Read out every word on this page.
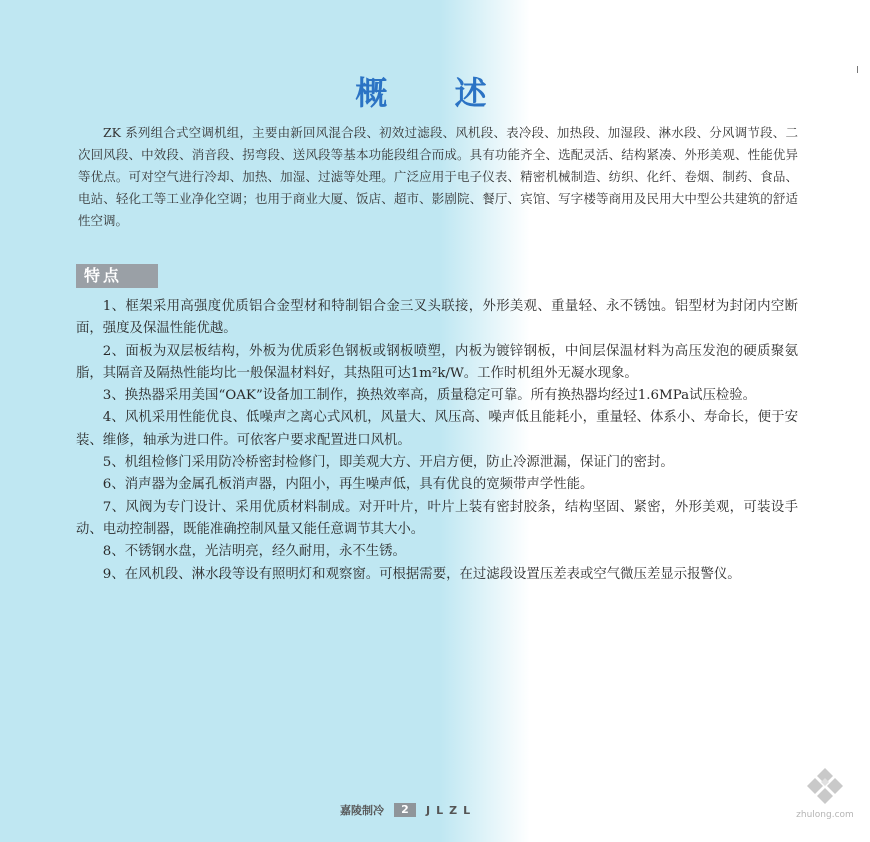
概 述
ZK 系列组合式空调机组，主要由新回风混合段、初效过滤段、风机段、表冷段、加热段、加湿段、淋水段、分风调节段、二次回风段、中效段、消音段、拐弯段、送风段等基本功能段组合而成。具有功能齐全、选配灵活、结构紧凑、外形美观、性能优异等优点。可对空气进行冷却、加热、加湿、过滤等处理。广泛应用于电子仪表、精密机械制造、纺织、化纤、卷烟、制药、食品、电站、轻化工等工业净化空调；也用于商业大厦、饭店、超市、影剧院、餐厅、宾馆、写字楼等商用及民用大中型公共建筑的舒适性空调。
特点

1、框架采用高强度优质铝合金型材和特制铝合金三叉头联接，外形美观、重量轻、永不锈蚀。铝型材为封闭内空断面，强度及保温性能优越。

2、面板为双层板结构，外板为优质彩色钢板或钢板喷塑，内板为镀锌钢板，中间层保温材料为高压发泡的硬质聚氨脂，其隔音及隔热性能均比一般保温材料好，其热阻可达1m²k/W。工作时机组外无凝水现象。

3、换热器采用美国“OAK”设备加工制作，换热效率高，质量稳定可靠。所有换热器均经过1.6MPa试压检验。

4、风机采用性能优良、低噪声之离心式风机，风量大、风压高、噪声低且能耗小，重量轻、体系小、寿命长，便于安装、维修，轴承为进口件。可依客户要求配置进口风机。

5、机组检修门采用防冷桥密封检修门，即美观大方、开启方便，防止冷源泄漏，保证门的密封。

6、消声器为金属孔板消声器，内阻小，再生噪声低，具有优良的宽频带声学性能。

7、风阀为专门设计、采用优质材料制成。对开叶片，叶片上装有密封胶条，结构坚固、紧密，外形美观，可装设手动、电动控制器，既能准确控制风量又能任意调节其大小。

8、不锈钢水盘，光洁明亮，经久耐用，永不生锈。

9、在风机段、淋水段等设有照明灯和观察窗。可根据需要，在过滤段设置压差表或空气微压差显示报警仪。

嘉陵制冷	2	JLZL	zhulong.com
